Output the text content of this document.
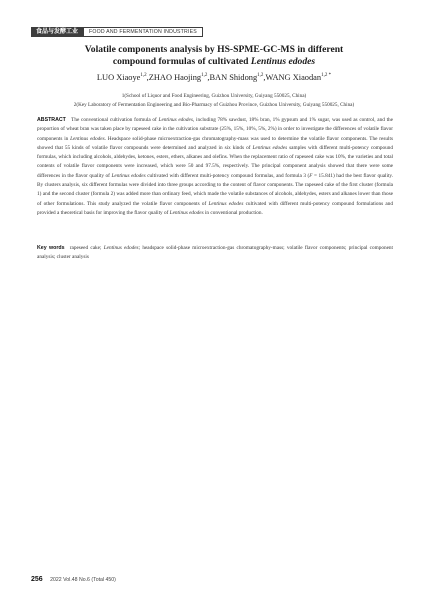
食品与发酵工业	FOOD AND FERMENTATION INDUSTRIES
Volatile components analysis by HS-SPME-GC-MS in different
compound formulas of cultivated Lentinus edodes
LUO Xiaoye$^{1,2}$,ZHAO Haojing$^{1,2}$,BAN Shidong$^{1,2}$,WANG Xiaodan$^{1,2 *}$
1(School of Liquor and Food Engineering, Guizhou University, Guiyang 550025, China)
2(Key Laboratory of Fermentation Engineering and Bio-Pharmacy of Guizhou Province, Guizhou University, Guiyang 550025, China)
ABSTRACT  The conventional cultivation formula of Lentinus edodes, including 78% sawdust, 18% bran, 1% gypsum and 1% sugar, was used as control, and the proportion of wheat bran was taken place by rapeseed cake in the cultivation substrate (25%, 15%, 10%, 5%, 2%) in order to investigate the differences of volatile flavor components in Lentinus edodes. Headspace solid-phase microextraction-gas chromatography-mass was used to determine the volatile flavor components. The results showed that 55 kinds of volatile flavor compounds were determined and analyzed in six kinds of Lentinus edodes samples with different multi-potency compound formulas, which including alcohols, aldehydes, ketones, esters, ethers, alkanes and olefins. When the replacement ratio of rapeseed cake was 10%, the varieties and total contents of volatile flavor components were increased, which were 50 and 97.5%, respectively. The principal component analysis showed that there were some differences in the flavor quality of Lentinus edodes cultivated with different multi-potency compound formulas, and formula 3 (F = 15.841) had the best flavor quality. By clusters analysis, six different formulas were divided into three groups according to the content of flavor components. The rapeseed cake of the first cluster (formula 1) and the second cluster (formula 2) was added more than ordinary feed, which made the volatile substances of alcohols, aldehydes, esters and alkanes lower than those of other formulations. This study analyzed the volatile flavor components of Lentinus edodes cultivated with different multi-potency compound formulations and provided a theoretical basis for improving the flavor quality of Lentinus edodes in conventional production.
Key words  rapeseed cake; Lentinus edodes; headspace solid-phase microextraction-gas chromatography-mass; volatile flavor components; principal component analysis; cluster analysis
256 2022 Vol.48 No.6 (Total 450)
